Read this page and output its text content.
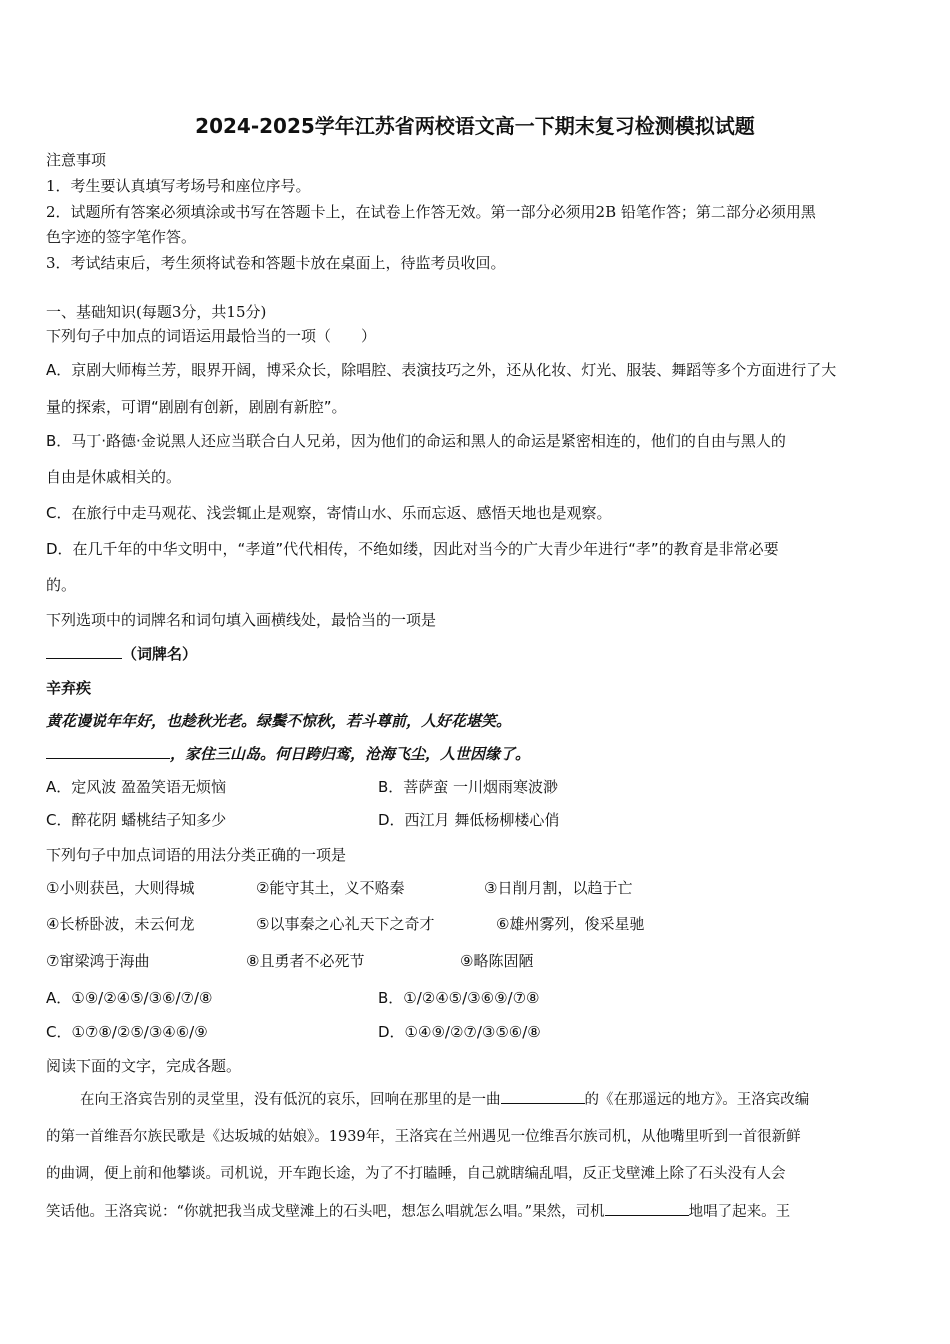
2024-2025学年江苏省两校语文高一下期末复习检测模拟试题
注意事项
1．考生要认真填写考场号和座位序号。
2．试题所有答案必须填涂或书写在答题卡上，在试卷上作答无效。第一部分必须用2B 铅笔作答；第二部分必须用黑
色字迹的签字笔作答。
3．考试结束后，考生须将试卷和答题卡放在桌面上，待监考员收回。
一、基础知识(每题3分，共15分)
下列句子中加点的词语运用最恰当的一项（　　）
A．京剧大师梅兰芳，眼界开阔，博采众长，除唱腔、表演技巧之外，还从化妆、灯光、服装、舞蹈等多个方面进行了大
量的探索，可谓“剧剧有创新，剧剧有新腔”。
B．马丁·路德·金说黑人还应当联合白人兄弟，因为他们的命运和黑人的命运是紧密相连的，他们的自由与黑人的
自由是休戚相关的。
C．在旅行中走马观花、浅尝辄止是观察，寄情山水、乐而忘返、感悟天地也是观察。
D．在几千年的中华文明中，“孝道”代代相传，不绝如缕，因此对当今的广大青少年进行“孝”的教育是非常必要
的。
下列选项中的词牌名和词句填入画横线处，最恰当的一项是
（词牌名）
辛弃疾
黄花谩说年年好，也趁秋光老。绿鬓不惊秋，若斗尊前，人好花堪笑。
，家住三山岛。何日跨归鸾，沧海飞尘，人世因缘了。
A．定风波 盈盈笑语无烦恼	B．菩萨蛮 一川烟雨寒波渺
C．醉花阴 蟠桃结子知多少	D．西江月 舞低杨柳楼心俏
下列句子中加点词语的用法分类正确的一项是
①小则获邑，大则得城	②能守其土，义不赂秦	③日削月割，以趋于亡
④长桥卧波，未云何龙	⑤以事秦之心礼天下之奇才	⑥雄州雾列，俊采星驰
⑦窜梁鸿于海曲	⑧且勇者不必死节	⑨略陈固陋
A．①⑨/②④⑤/③⑥/⑦/⑧	B．①/②④⑤/③⑥⑨/⑦⑧
C．①⑦⑧/②⑤/③④⑥/⑨	D．①④⑨/②⑦/③⑤⑥/⑧
阅读下面的文字，完成各题。
在向王洛宾告别的灵堂里，没有低沉的哀乐，回响在那里的是一曲	的《在那遥远的地方》。王洛宾改编
的第一首维吾尔族民歌是《达坂城的姑娘》。1939年，王洛宾在兰州遇见一位维吾尔族司机，从他嘴里听到一首很新鲜
的曲调，便上前和他攀谈。司机说，开车跑长途，为了不打瞌睡，自己就瞎编乱唱，反正戈壁滩上除了石头没有人会
笑话他。王洛宾说：“你就把我当成戈壁滩上的石头吧，想怎么唱就怎么唱。”果然，司机	地唱了起来。王
